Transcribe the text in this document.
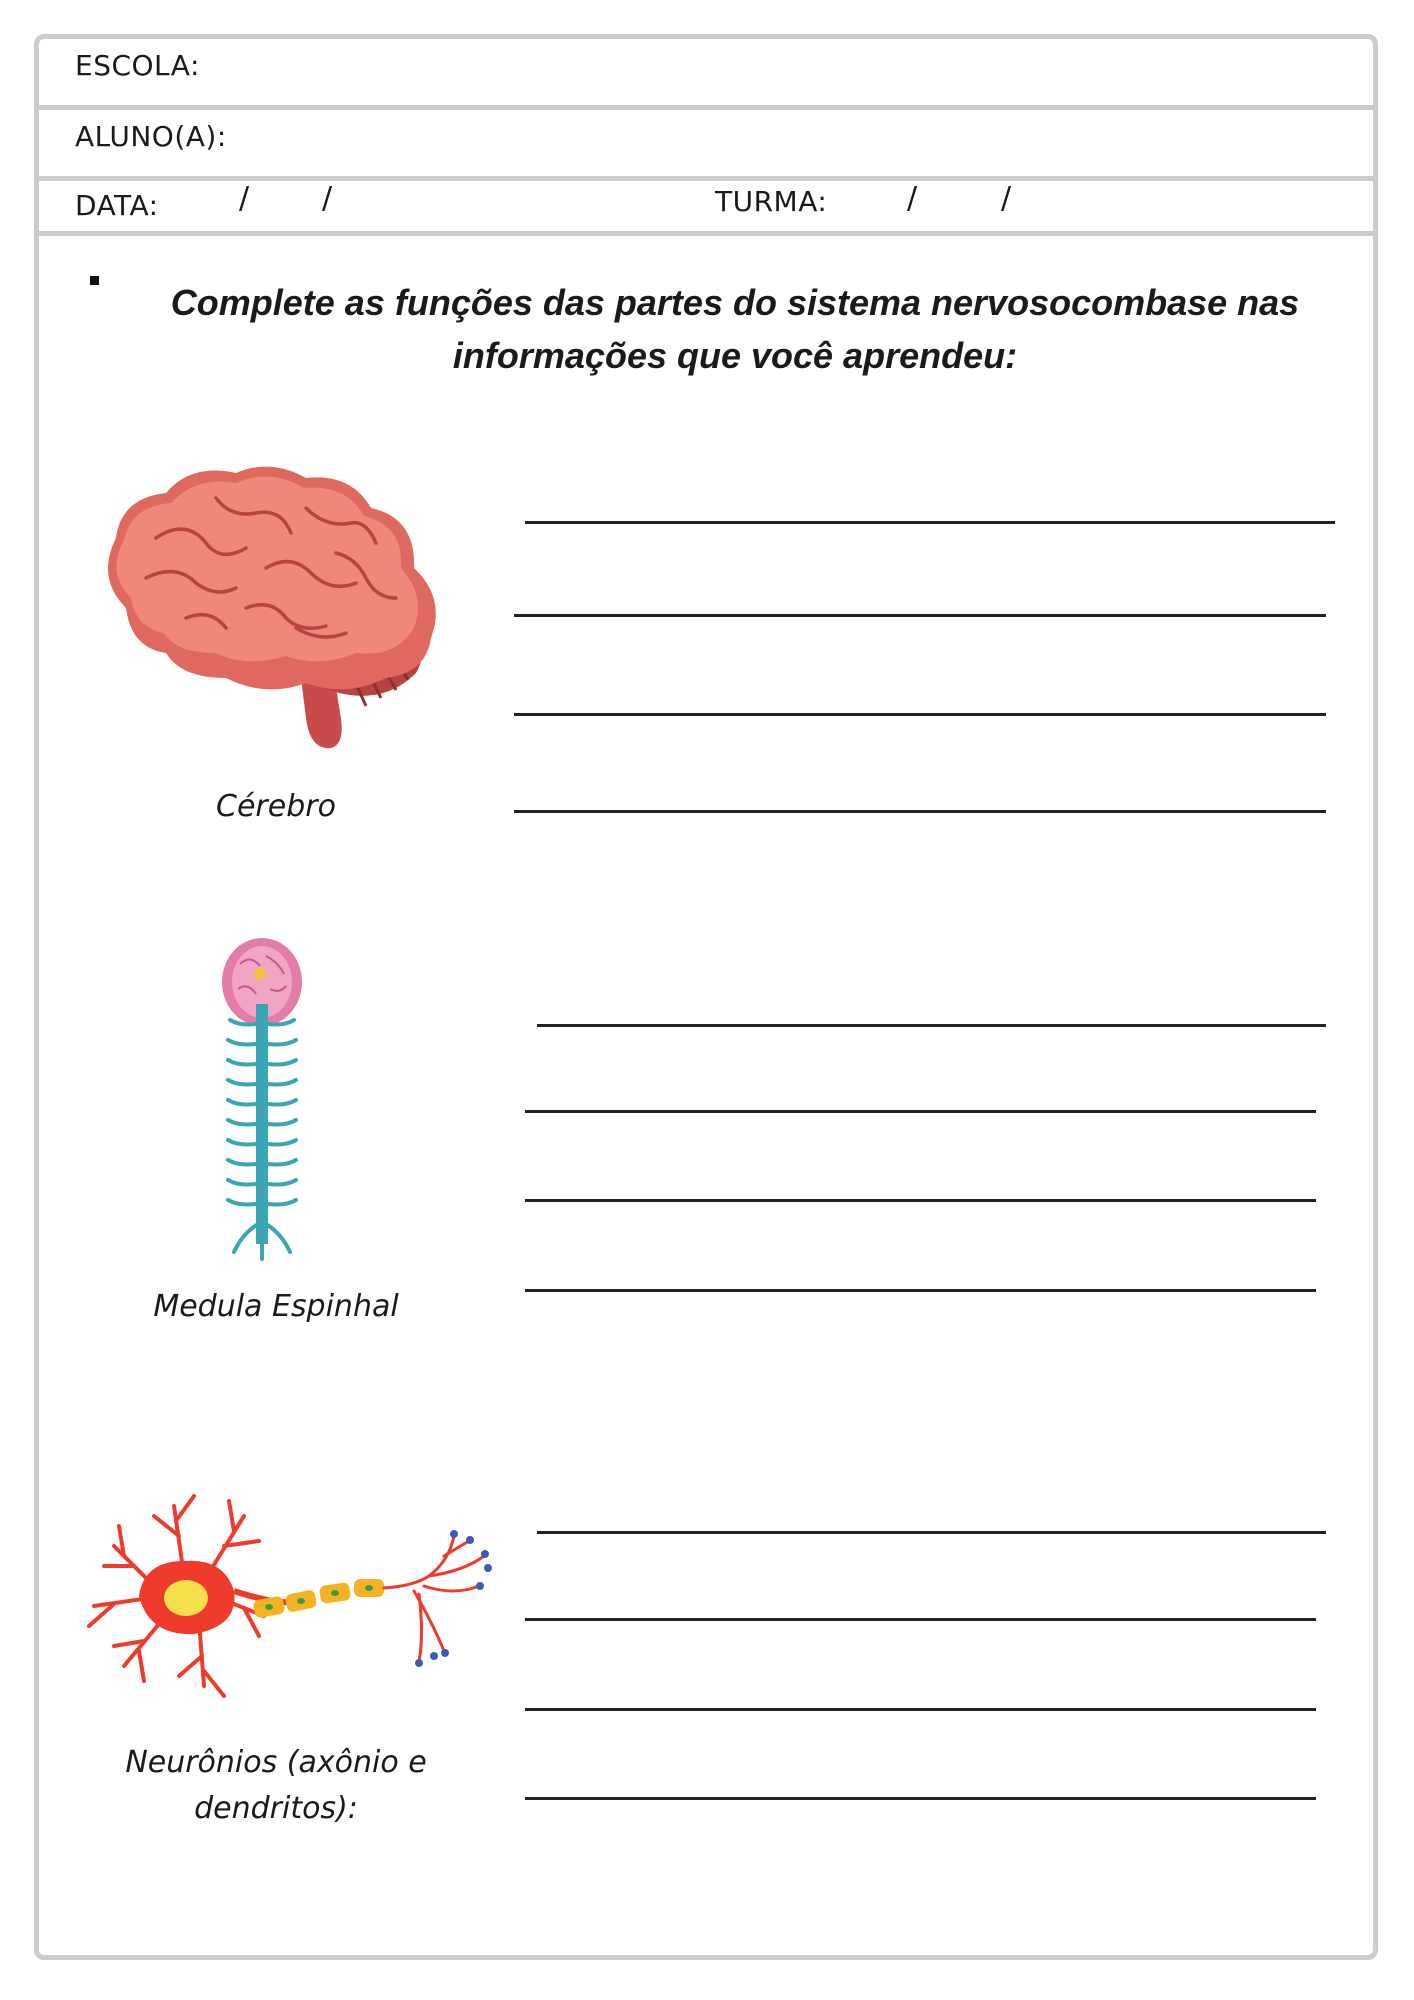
ESCOLA:
ALUNO(A):
DATA:	/ /	TURMA:	/	/
Complete as funções das partes do sistema nervosocombase nas informações que você aprendeu:
Cérebro
Medula Espinhal
Neurônios (axônio e
dendritos):
